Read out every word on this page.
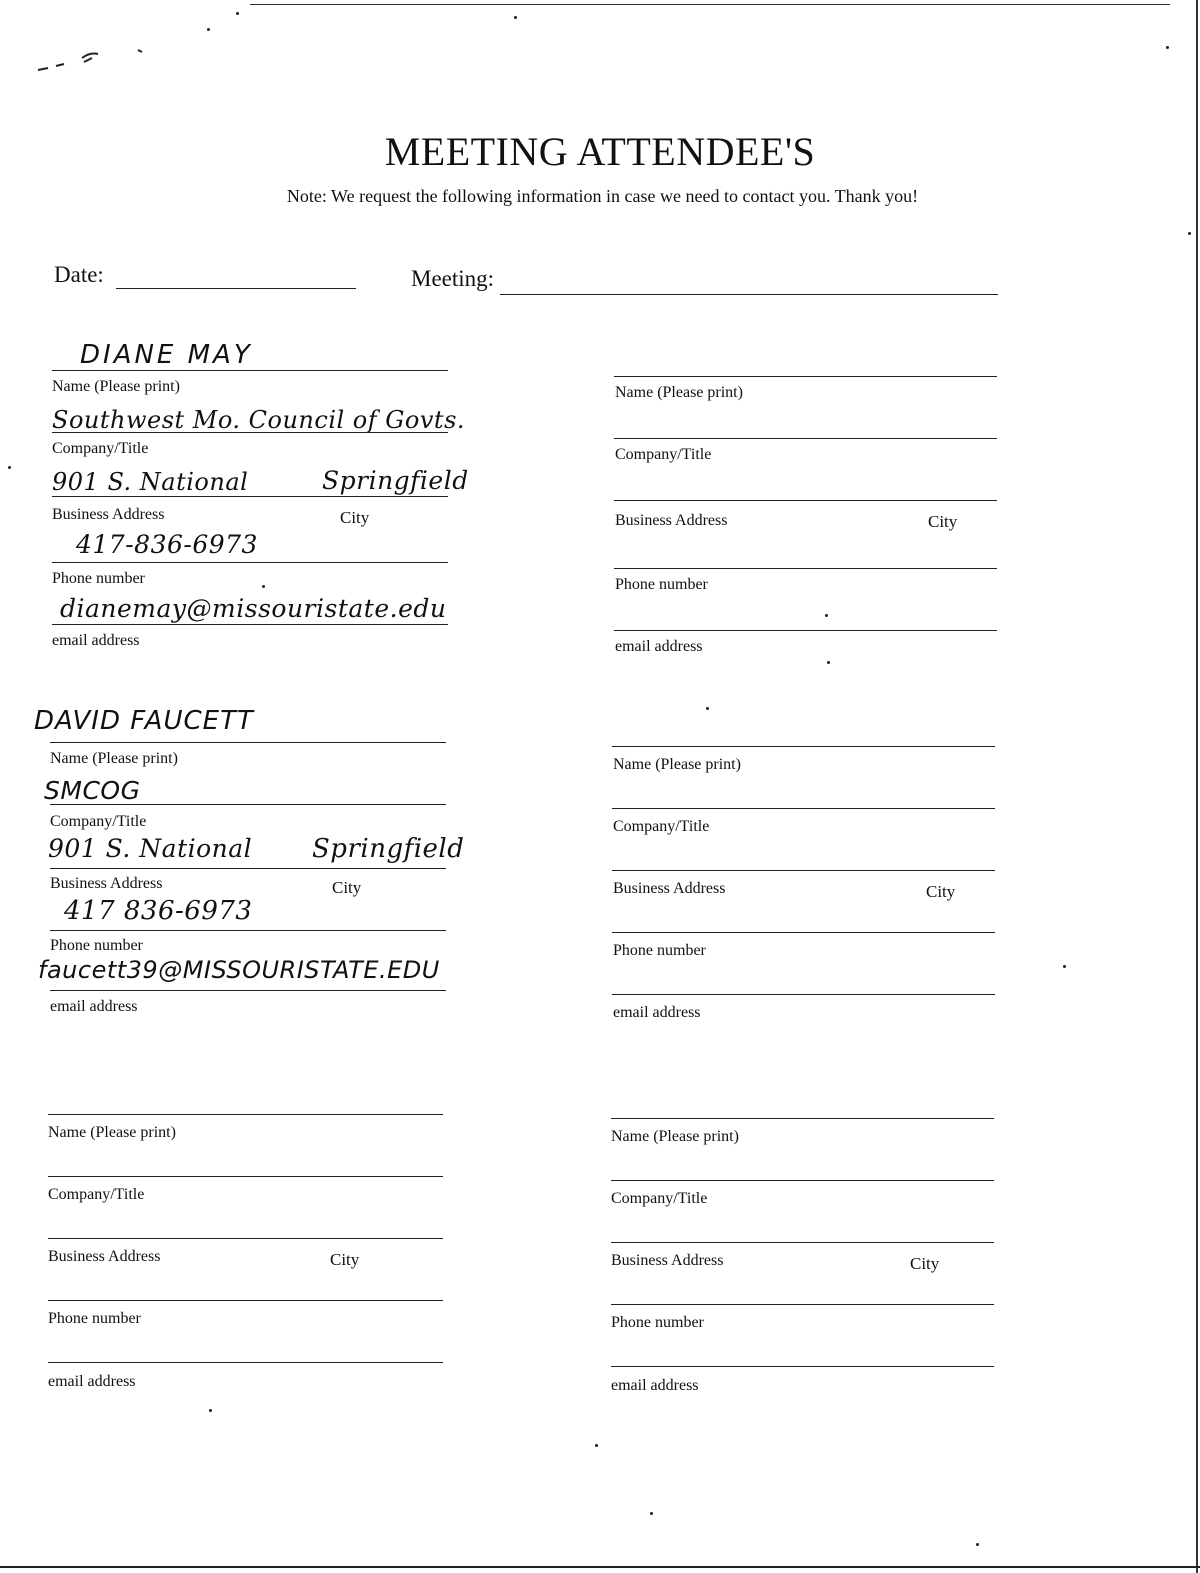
MEETING ATTENDEE'S
Note: We request the following information in case we need to contact you. Thank you!
Date:	Meeting:
DIANE MAY
Name (Please print)
Southwest Mo. Council of Govts.
Company/Title
901 S. National	Springfield
Business Address	City
417-836-6973
Phone number
dianemay@missouristate.edu
email address
Name (Please print)
Company/Title
Business Address	City
Phone number
email address
DAVID FAUCETT
Name (Please print)
SMCOG
Company/Title
901 S. National Springfield
Business Address	City
417 836-6973
Phone number
faucett39@MISSOURISTATE.EDU
email address
Name (Please print)
Company/Title
Business Address	City
Phone number
email address
Name (Please print)
Company/Title
Business Address	City
Phone number
email address
Name (Please print)
Company/Title
Business Address	City
Phone number
email address
